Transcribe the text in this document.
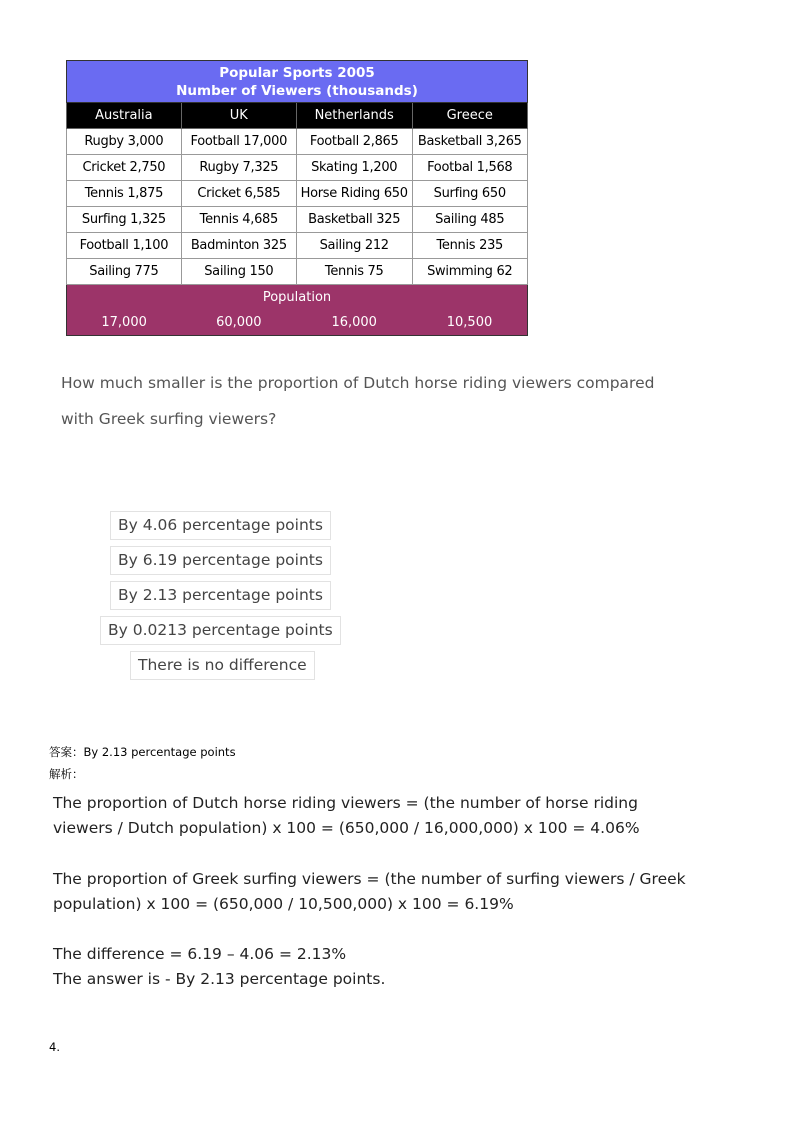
Popular Sports 2005
Number of Viewers (thousands)			

Australia	UK	Netherlands	Greece
Rugby 3,000	Football 17,000	Football 2,865	Basketball 3,265
Cricket 2,750	Rugby 7,325	Skating 1,200	Footbal 1,568
Tennis 1,875	Cricket 6,585	Horse Riding 650	Surfing 650
Surfing 1,325	Tennis 4,685	Basketball 325	Sailing 485
Football 1,100	Badminton 325	Sailing 212	Tennis 235
Sailing 775	Sailing 150	Tennis 75	Swimming 62
Population			
17,000	60,000	16,000	10,500
How much smaller is the proportion of Dutch horse riding viewers compared
with Greek surfing viewers?
By 4.06 percentage points
By 6.19 percentage points
By 2.13 percentage points
By 0.0213 percentage points
There is no difference
答案：By 2.13 percentage points
解析：
The proportion of Dutch horse riding viewers = (the number of horse riding
viewers / Dutch population) x 100 = (650,000 / 16,000,000) x 100 = 4.06%
The proportion of Greek surfing viewers = (the number of surfing viewers / Greek
population) x 100 = (650,000 / 10,500,000) x 100 = 6.19%
The difference = 6.19 – 4.06 = 2.13%
The answer is - By 2.13 percentage points.
4.
